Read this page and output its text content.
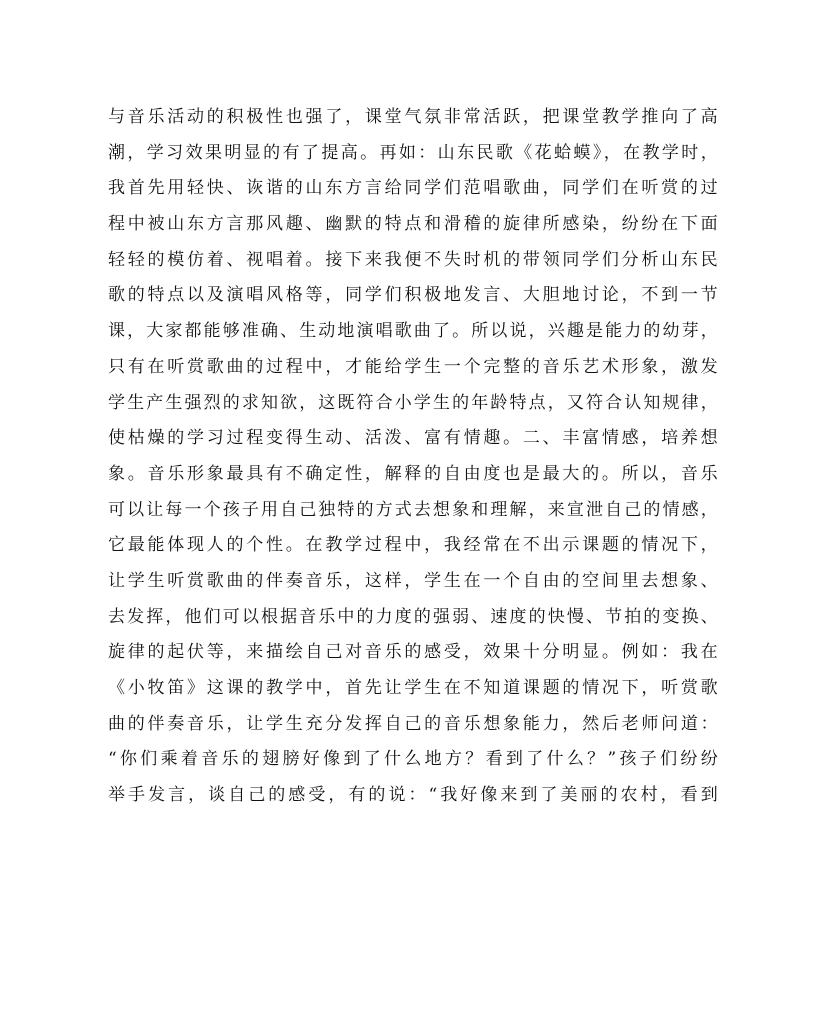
与音乐活动的积极性也强了，课堂气氛非常活跃，把课堂教学推向了高
潮，学习效果明显的有了提高。再如：山东民歌《花蛤蟆》，在教学时，
我首先用轻快、诙谐的山东方言给同学们范唱歌曲，同学们在听赏的过
程中被山东方言那风趣、幽默的特点和滑稽的旋律所感染，纷纷在下面
轻轻的模仿着、视唱着。接下来我便不失时机的带领同学们分析山东民
歌的特点以及演唱风格等，同学们积极地发言、大胆地讨论，不到一节
课，大家都能够准确、生动地演唱歌曲了。所以说，兴趣是能力的幼芽，
只有在听赏歌曲的过程中，才能给学生一个完整的音乐艺术形象，激发
学生产生强烈的求知欲，这既符合小学生的年龄特点，又符合认知规律，
使枯燥的学习过程变得生动、活泼、富有情趣。二、丰富情感，培养想
象。音乐形象最具有不确定性，解释的自由度也是最大的。所以，音乐
可以让每一个孩子用自己独特的方式去想象和理解，来宣泄自己的情感，
它最能体现人的个性。在教学过程中，我经常在不出示课题的情况下，
让学生听赏歌曲的伴奏音乐，这样，学生在一个自由的空间里去想象、
去发挥，他们可以根据音乐中的力度的强弱、速度的快慢、节拍的变换、
旋律的起伏等，来描绘自己对音乐的感受，效果十分明显。例如：我在
《小牧笛》这课的教学中，首先让学生在不知道课题的情况下，听赏歌
曲的伴奏音乐，让学生充分发挥自己的音乐想象能力，然后老师问道：
“你们乘着音乐的翅膀好像到了什么地方？看到了什么？”孩子们纷纷
举手发言，谈自己的感受，有的说：“我好像来到了美丽的农村，看到
